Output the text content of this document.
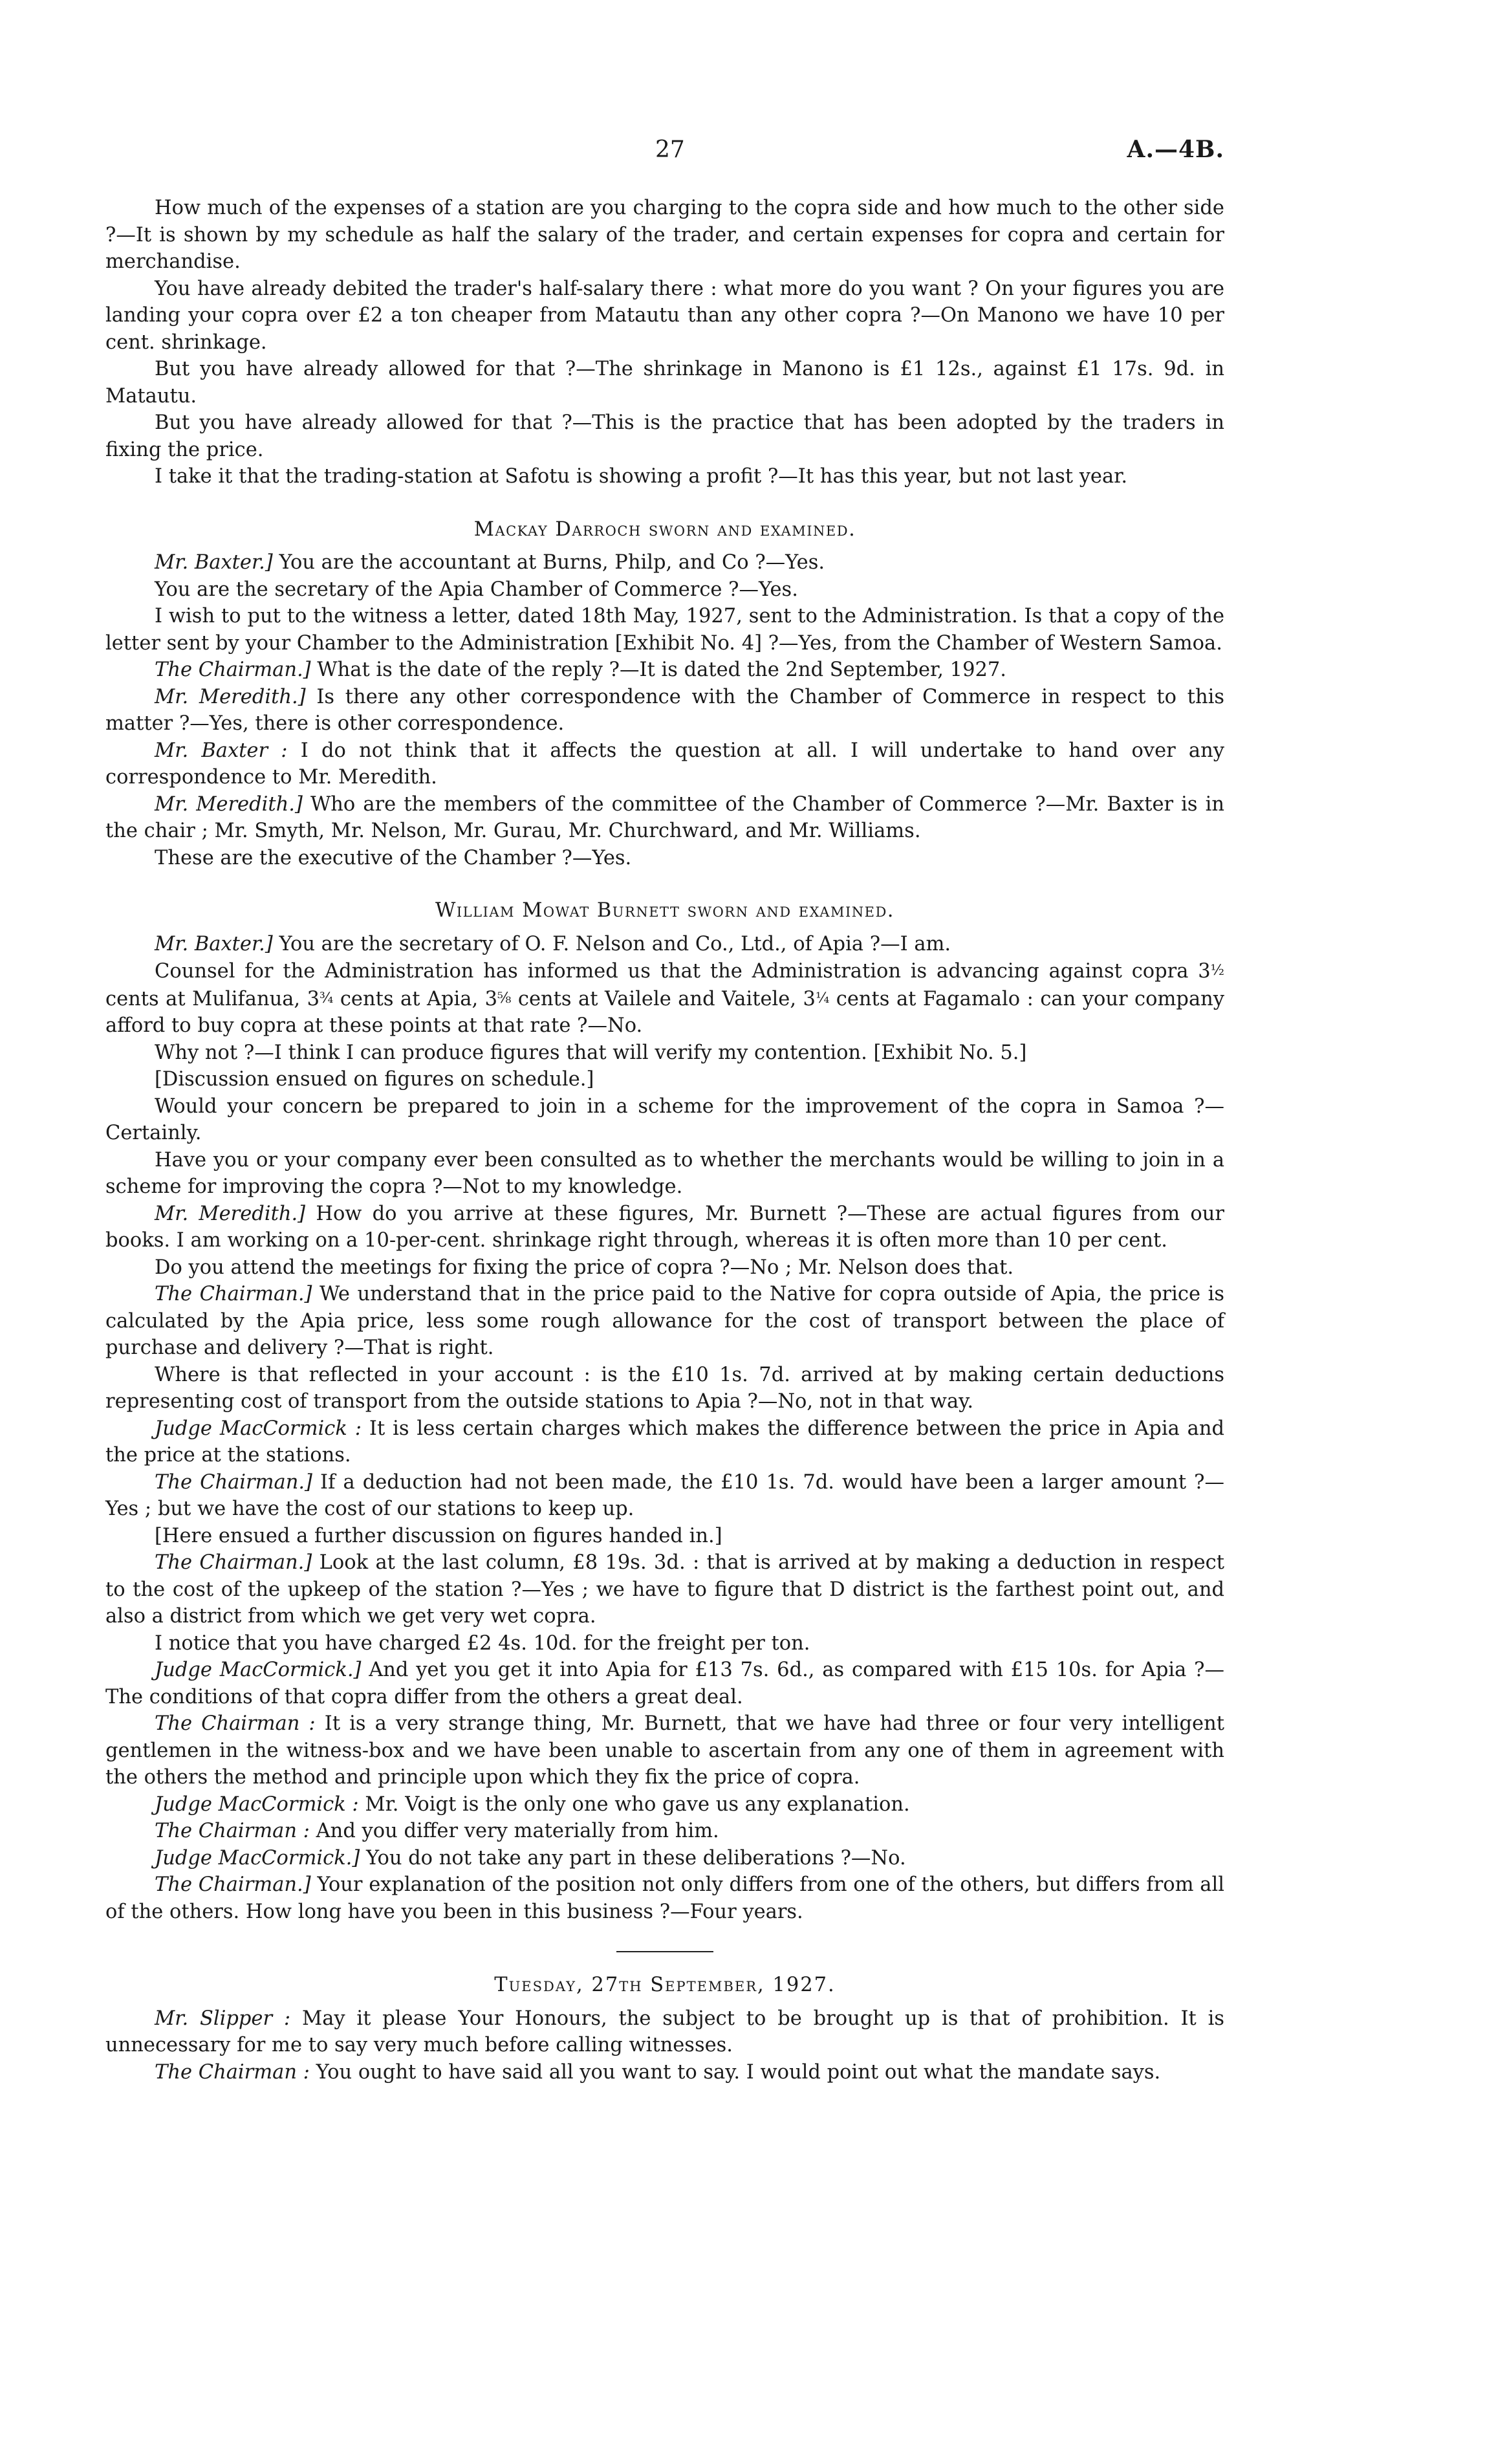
27	A.—4B.

How much of the expenses of a station are you charging to the copra side and how much to the other side ?—It is shown by my schedule as half the salary of the trader, and certain expenses for copra and certain for merchandise.

You have already debited the trader's half-salary there : what more do you want ? On your figures you are landing your copra over £2 a ton cheaper from Matautu than any other copra ?—On Manono we have 10 per cent. shrinkage.

But you have already allowed for that ?—The shrinkage in Manono is £1 12s., against £1 17s. 9d. in Matautu.

But you have already allowed for that ?—This is the practice that has been adopted by the traders in fixing the price.

I take it that the trading-station at Safotu is showing a profit ?—It has this year, but not last year.

Mackay Darroch sworn and examined.

Mr. Baxter.] You are the accountant at Burns, Philp, and Co ?—Yes.

You are the secretary of the Apia Chamber of Commerce ?—Yes.

I wish to put to the witness a letter, dated 18th May, 1927, sent to the Administration. Is that a copy of the letter sent by your Chamber to the Administration [Exhibit No. 4] ?—Yes, from the Chamber of Western Samoa.

The Chairman.] What is the date of the reply ?—It is dated the 2nd September, 1927.

Mr. Meredith.] Is there any other correspondence with the Chamber of Commerce in respect to this matter ?—Yes, there is other correspondence.

Mr. Baxter : I do not think that it affects the question at all. I will undertake to hand over any correspondence to Mr. Meredith.

Mr. Meredith.] Who are the members of the committee of the Chamber of Commerce ?—Mr. Baxter is in the chair ; Mr. Smyth, Mr. Nelson, Mr. Gurau, Mr. Churchward, and Mr. Williams.

These are the executive of the Chamber ?—Yes.

William Mowat Burnett sworn and examined.

Mr. Baxter.] You are the secretary of O. F. Nelson and Co., Ltd., of Apia ?—I am.

Counsel for the Administration has informed us that the Administration is advancing against copra 3½ cents at Mulifanua, 3¾ cents at Apia, 3⅝ cents at Vailele and Vaitele, 3¼ cents at Fagamalo : can your company afford to buy copra at these points at that rate ?—No.

Why not ?—I think I can produce figures that will verify my contention. [Exhibit No. 5.]

[Discussion ensued on figures on schedule.]

Would your concern be prepared to join in a scheme for the improvement of the copra in Samoa ?—Certainly.

Have you or your company ever been consulted as to whether the merchants would be willing to join in a scheme for improving the copra ?—Not to my knowledge.

Mr. Meredith.] How do you arrive at these figures, Mr. Burnett ?—These are actual figures from our books. I am working on a 10-per-cent. shrinkage right through, whereas it is often more than 10 per cent.

Do you attend the meetings for fixing the price of copra ?—No ; Mr. Nelson does that.

The Chairman.] We understand that in the price paid to the Native for copra outside of Apia, the price is calculated by the Apia price, less some rough allowance for the cost of transport between the place of purchase and delivery ?—That is right.

Where is that reflected in your account : is the £10 1s. 7d. arrived at by making certain deductions representing cost of transport from the outside stations to Apia ?—No, not in that way.

Judge MacCormick : It is less certain charges which makes the difference between the price in Apia and the price at the stations.

The Chairman.] If a deduction had not been made, the £10 1s. 7d. would have been a larger amount ?—Yes ; but we have the cost of our stations to keep up.

[Here ensued a further discussion on figures handed in.]

The Chairman.] Look at the last column, £8 19s. 3d. : that is arrived at by making a deduction in respect to the cost of the upkeep of the station ?—Yes ; we have to figure that D district is the farthest point out, and also a district from which we get very wet copra.

I notice that you have charged £2 4s. 10d. for the freight per ton.

Judge MacCormick.] And yet you get it into Apia for £13 7s. 6d., as compared with £15 10s. for Apia ?—The conditions of that copra differ from the others a great deal.

The Chairman : It is a very strange thing, Mr. Burnett, that we have had three or four very intelligent gentlemen in the witness-box and we have been unable to ascertain from any one of them in agreement with the others the method and principle upon which they fix the price of copra.

Judge MacCormick : Mr. Voigt is the only one who gave us any explanation.

The Chairman : And you differ very materially from him.

Judge MacCormick.] You do not take any part in these deliberations ?—No.

The Chairman.] Your explanation of the position not only differs from one of the others, but differs from all of the others. How long have you been in this business ?—Four years.

Tuesday, 27th September, 1927.

Mr. Slipper : May it please Your Honours, the subject to be brought up is that of prohibition. It is unnecessary for me to say very much before calling witnesses.

The Chairman : You ought to have said all you want to say. I would point out what the mandate says.
